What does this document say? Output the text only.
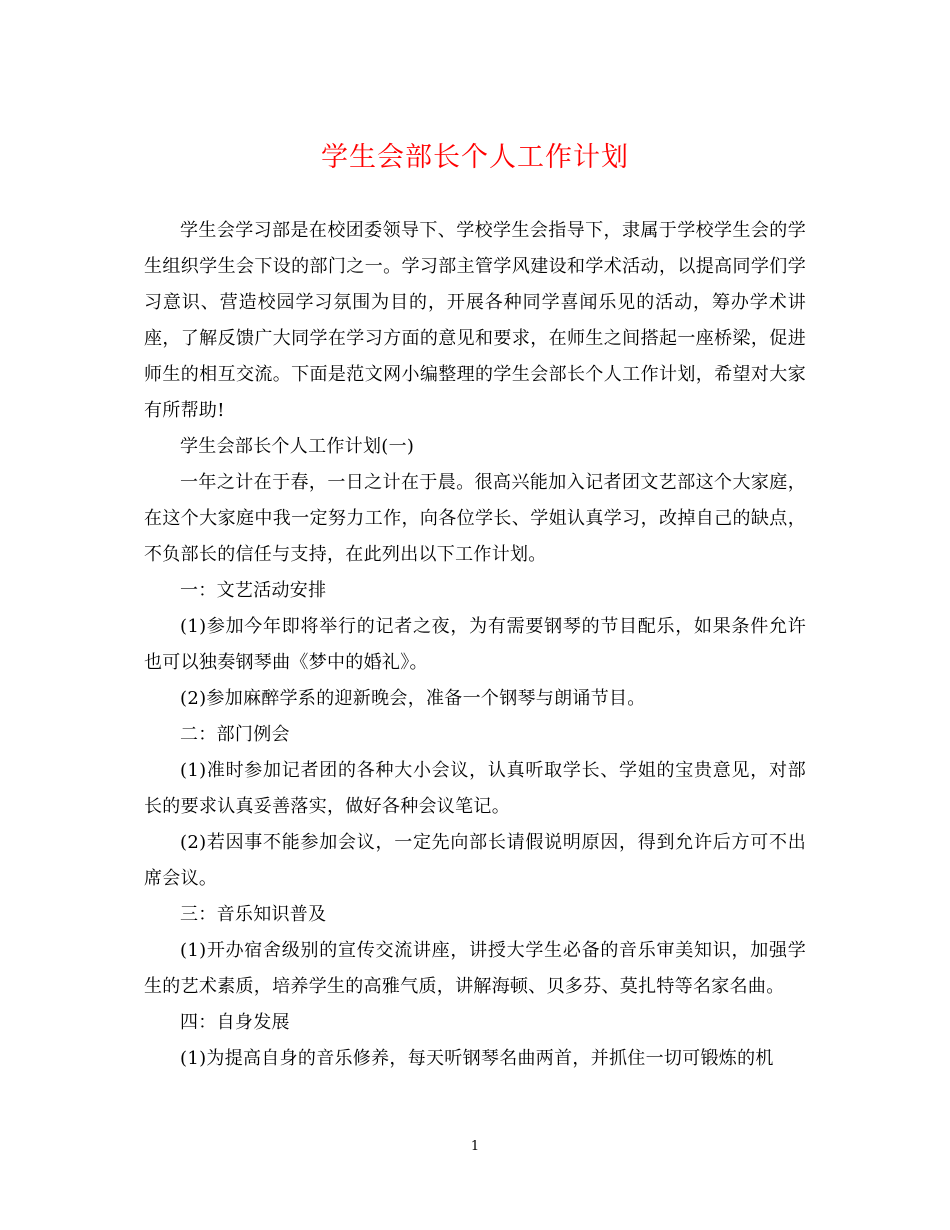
学生会部长个人工作计划

学生会学习部是在校团委领导下、学校学生会指导下，隶属于学校学生会的学生组织学生会下设的部门之一。学习部主管学风建设和学术活动，以提高同学们学习意识、营造校园学习氛围为目的，开展各种同学喜闻乐见的活动，筹办学术讲座，了解反馈广大同学在学习方面的意见和要求，在师生之间搭起一座桥梁，促进师生的相互交流。下面是范文网小编整理的学生会部长个人工作计划，希望对大家有所帮助!

学生会部长个人工作计划(一)

一年之计在于春，一日之计在于晨。很高兴能加入记者团文艺部这个大家庭，在这个大家庭中我一定努力工作，向各位学长、学姐认真学习，改掉自己的缺点，不负部长的信任与支持，在此列出以下工作计划。

一：文艺活动安排

(1)参加今年即将举行的记者之夜，为有需要钢琴的节目配乐，如果条件允许也可以独奏钢琴曲《梦中的婚礼》。

(2)参加麻醉学系的迎新晚会，准备一个钢琴与朗诵节目。

二：部门例会

(1)准时参加记者团的各种大小会议，认真听取学长、学姐的宝贵意见，对部长的要求认真妥善落实，做好各种会议笔记。

(2)若因事不能参加会议，一定先向部长请假说明原因，得到允许后方可不出席会议。

三：音乐知识普及

(1)开办宿舍级别的宣传交流讲座，讲授大学生必备的音乐审美知识，加强学生的艺术素质，培养学生的高雅气质，讲解海顿、贝多芬、莫扎特等名家名曲。

四：自身发展

(1)为提高自身的音乐修养，每天听钢琴名曲两首，并抓住一切可锻炼的机

1
